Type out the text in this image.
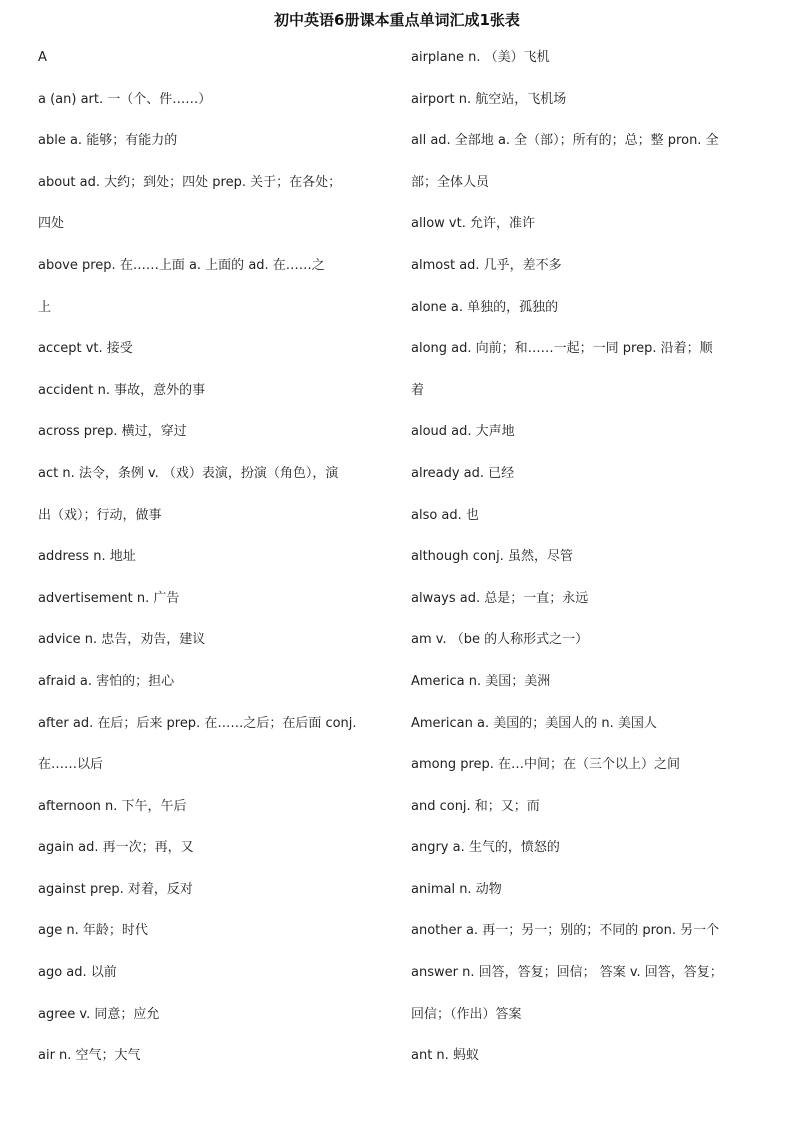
初中英语6册课本重点单词汇成1张表
A
a (an) art. 一（个、件……）
able a. 能够；有能力的
about ad. 大约；到处；四处 prep. 关于；在各处；
四处
above prep. 在……上面 a. 上面的 ad. 在……之
上
accept vt. 接受
accident n. 事故，意外的事
across prep. 横过，穿过
act n. 法令，条例 v. （戏）表演，扮演（角色），演
出（戏）；行动，做事
address n. 地址
advertisement n. 广告
advice n. 忠告，劝告，建议
afraid a. 害怕的；担心
after ad. 在后；后来 prep. 在……之后；在后面 conj.
在……以后
afternoon n. 下午，午后
again ad. 再一次；再，又
against prep. 对着，反对
age n. 年龄；时代
ago ad. 以前
agree v. 同意；应允
air n. 空气；大气
airplane n. （美）飞机
airport n. 航空站，飞机场
all ad. 全部地 a. 全（部）；所有的；总；整 pron. 全
部；全体人员
allow vt. 允许，准许
almost ad. 几乎，差不多
alone a. 单独的，孤独的
along ad. 向前；和……一起；一同 prep. 沿着；顺
着
aloud ad. 大声地
already ad. 已经
also ad. 也
although conj. 虽然，尽管
always ad. 总是；一直；永远
am v. （be 的人称形式之一）
America n. 美国；美洲
American a. 美国的；美国人的 n. 美国人
among prep. 在…中间；在（三个以上）之间
and conj. 和；又；而
angry a. 生气的，愤怒的
animal n. 动物
another a. 再一；另一；别的；不同的 pron. 另一个
answer n. 回答，答复；回信； 答案 v. 回答，答复；
回信；（作出）答案
ant n. 蚂蚁
